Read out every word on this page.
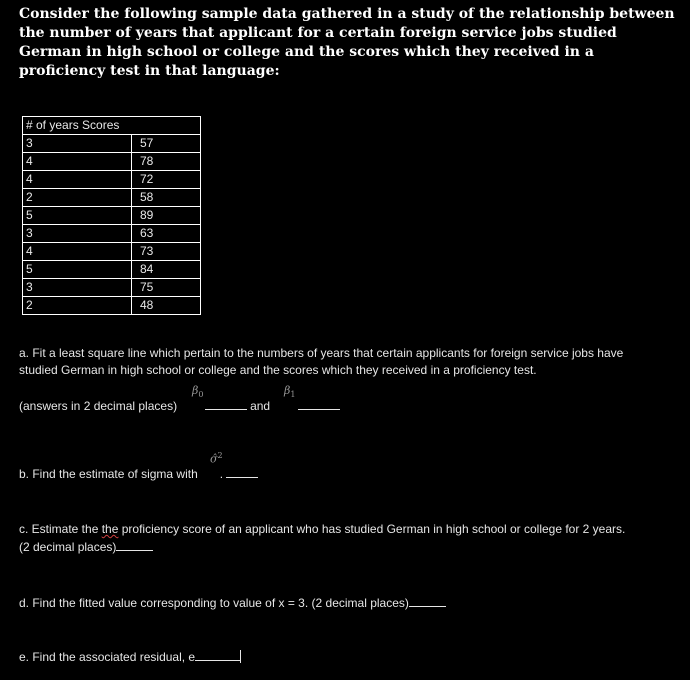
Consider the following sample data gathered in a study of the relationship between the number of years that applicant for a certain foreign service jobs studied German in high school or college and the scores which they received in a proficiency test in that language:

# of years Scores	
3	57
4	78
4	72
2	58
5	89
3	63
4	73
5	84
3	75
2	48

a. Fit a least square line which pertain to the numbers of years that certain applicants for foreign service jobs have studied German in high school or college and the scores which they received in a proficiency test.

(answers in 2 decimal places)	and

$\beta_0$	$\beta_1$

b. Find the estimate of sigma with .

σ̂$^2$

c. Estimate the the proficiency score of an applicant who has studied German in high school or college for 2 years. (2 decimal places)

d. Find the fitted value corresponding to value of x = 3. (2 decimal places)

e. Find the associated residual, e
